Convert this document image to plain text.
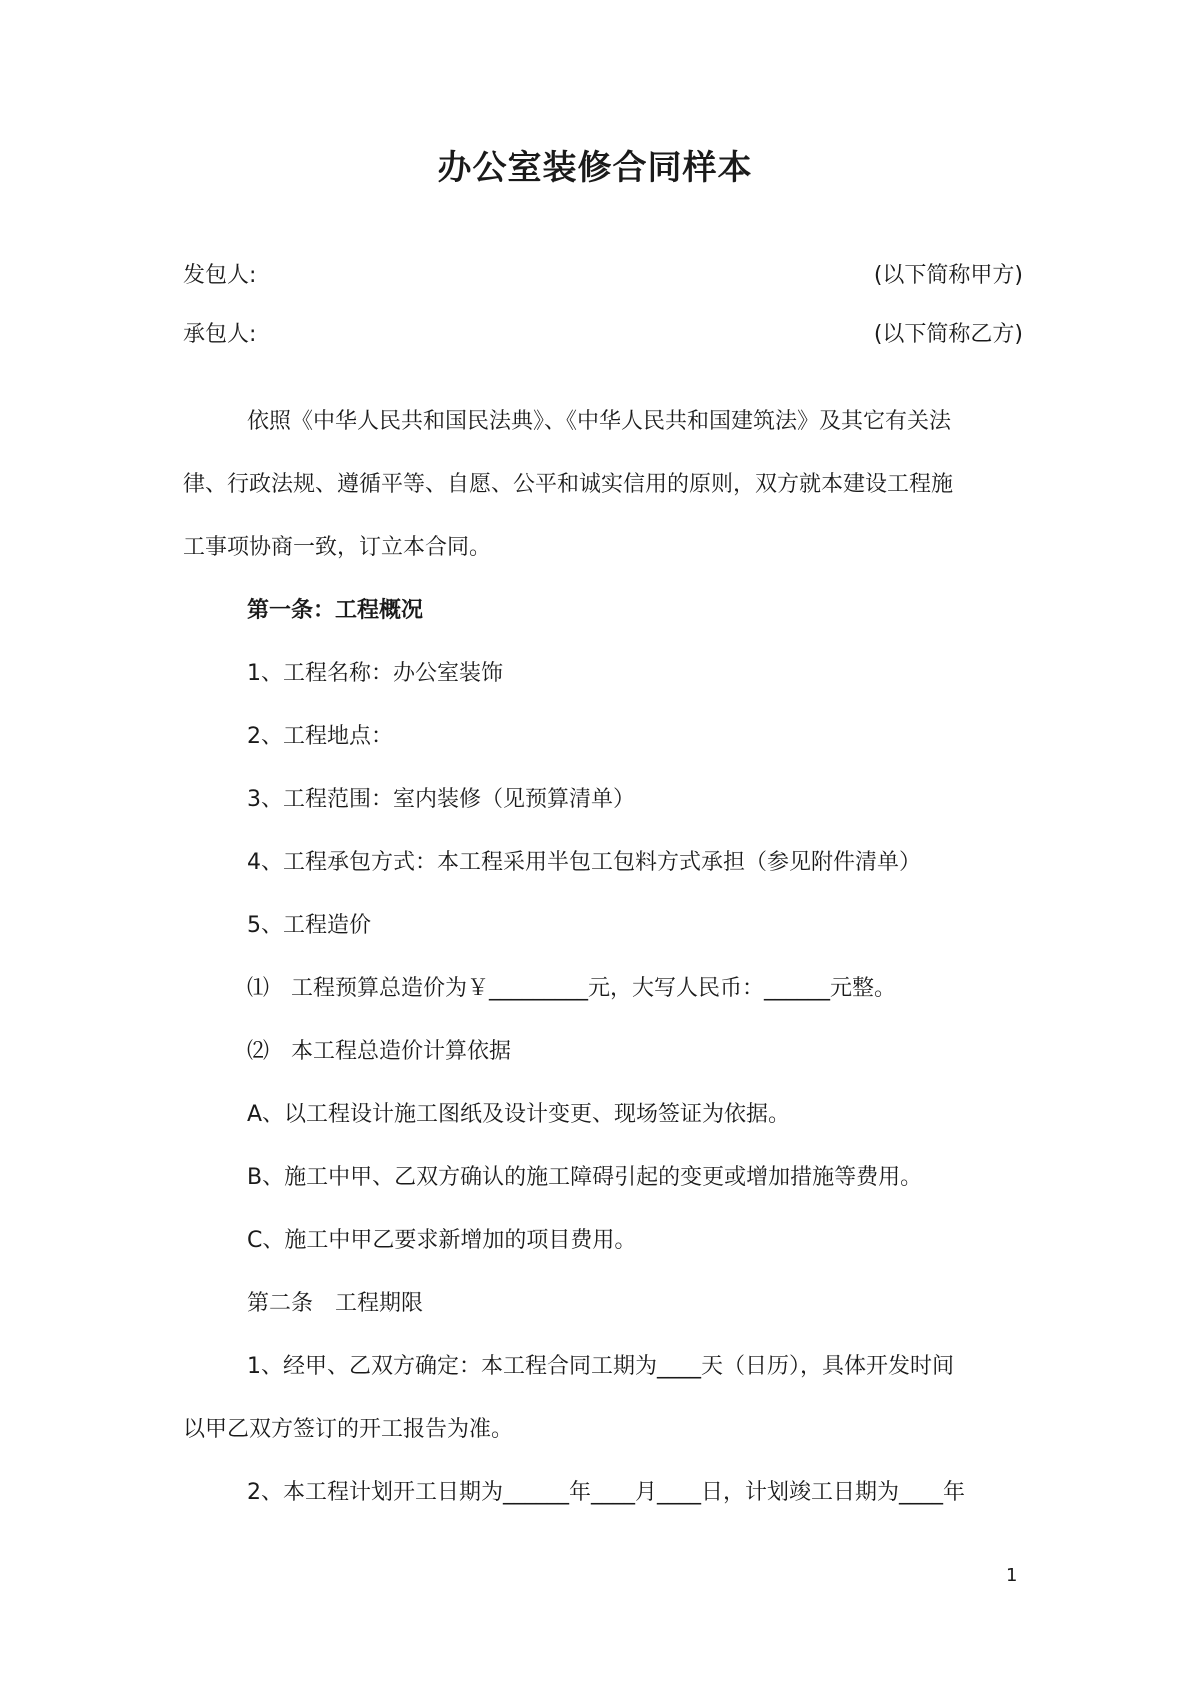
办公室装修合同样本
发包人:	(以下简称甲方)
承包人:	(以下简称乙方)
依照《中华人民共和国民法典》、《中华人民共和国建筑法》及其它有关法
律、行政法规、遵循平等、自愿、公平和诚实信用的原则，双方就本建设工程施
工事项协商一致，订立本合同。
第一条：工程概况
1、工程名称：办公室装饰
2、工程地点：
3、工程范围：室内装修（见预算清单）
4、工程承包方式：本工程采用半包工包料方式承担（参见附件清单）
5、工程造价
⑴　工程预算总造价为￥_________元，大写人民币：______元整。
⑵　本工程总造价计算依据
A、以工程设计施工图纸及设计变更、现场签证为依据。
B、施工中甲、乙双方确认的施工障碍引起的变更或增加措施等费用。
C、施工中甲乙要求新增加的项目费用。
第二条　工程期限
1、经甲、乙双方确定：本工程合同工期为____天（日历），具体开发时间
以甲乙双方签订的开工报告为准。
2、本工程计划开工日期为______年____月____日，计划竣工日期为____年
1
